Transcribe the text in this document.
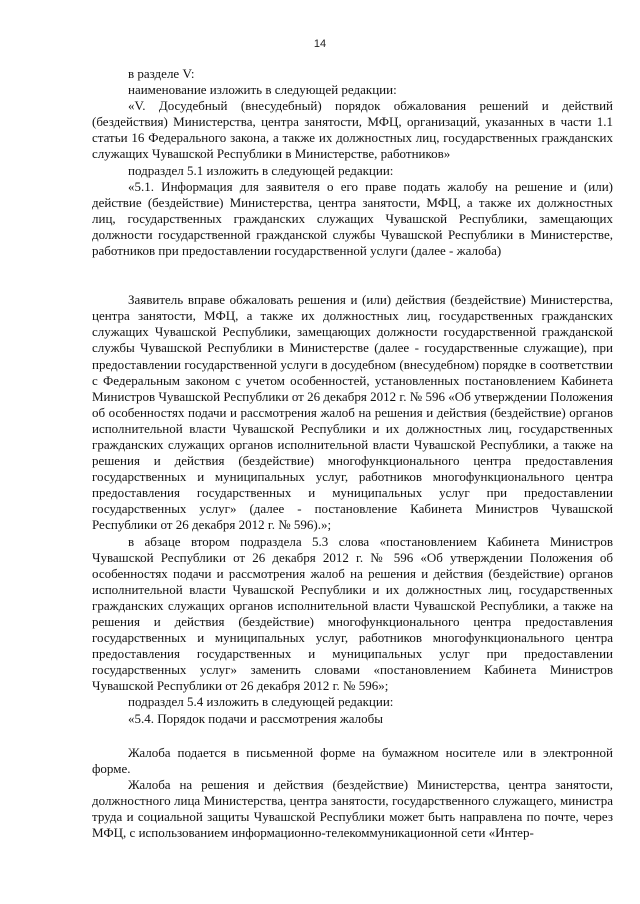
14

в разделе V:

наименование изложить в следующей редакции:

«V. Досудебный (внесудебный) порядок обжалования решений и действий (бездействия) Министерства, центра занятости, МФЦ, организаций, указанных в части 1.1 статьи 16 Федерального закона, а также их должностных лиц, государственных гражданских служащих Чувашской Республики в Министерстве, работников»

подраздел 5.1 изложить в следующей редакции:

«5.1. Информация для заявителя о его праве подать жалобу на решение и (или) действие (бездействие) Министерства, центра занятости, МФЦ, а также их должностных лиц, государственных гражданских служащих Чувашской Республики, замещающих должности государственной гражданской службы Чувашской Республики в Министерстве, работников при предоставлении государственной услуги (далее - жалоба)

Заявитель вправе обжаловать решения и (или) действия (бездействие) Министерства, центра занятости, МФЦ, а также их должностных лиц, государственных гражданских служащих Чувашской Республики, замещающих должности государственной гражданской службы Чувашской Республики в Министерстве (далее - государственные служащие), при предоставлении государственной услуги в досудебном (внесудебном) порядке в соответствии с Федеральным законом с учетом особенностей, установленных постановлением Кабинета Министров Чувашской Республики от 26 декабря 2012 г. № 596 «Об утверждении Положения об особенностях подачи и рассмотрения жалоб на решения и действия (бездействие) органов исполнительной власти Чувашской Республики и их должностных лиц, государственных гражданских служащих органов исполнительной власти Чувашской Республики, а также на решения и действия (бездействие) многофункционального центра предоставления государственных и муниципальных услуг, работников многофункционального центра предоставления государственных и муниципальных услуг при предоставлении государственных услуг» (далее - постановление Кабинета Министров Чувашской Республики от 26 декабря 2012 г. № 596).»;

в абзаце втором подраздела 5.3 слова «постановлением Кабинета Министров Чувашской Республики от 26 декабря 2012 г. № 596 «Об утверждении Положения об особенностях подачи и рассмотрения жалоб на решения и действия (бездействие) органов исполнительной власти Чувашской Республики и их должностных лиц, государственных гражданских служащих органов исполнительной власти Чувашской Республики, а также на решения и действия (бездействие) многофункционального центра предоставления государственных и муниципальных услуг, работников многофункционального центра предоставления государственных и муниципальных услуг при предоставлении государственных услуг» заменить словами «постановлением Кабинета Министров Чувашской Республики от 26 декабря 2012 г. № 596»;

подраздел 5.4 изложить в следующей редакции:

«5.4. Порядок подачи и рассмотрения жалобы

Жалоба подается в письменной форме на бумажном носителе или в электронной форме.

Жалоба на решения и действия (бездействие) Министерства, центра занятости, должностного лица Министерства, центра занятости, государственного служащего, министра труда и социальной защиты Чувашской Республики может быть направлена по почте, через МФЦ, с использованием информационно-телекоммуникационной сети «Интер-
